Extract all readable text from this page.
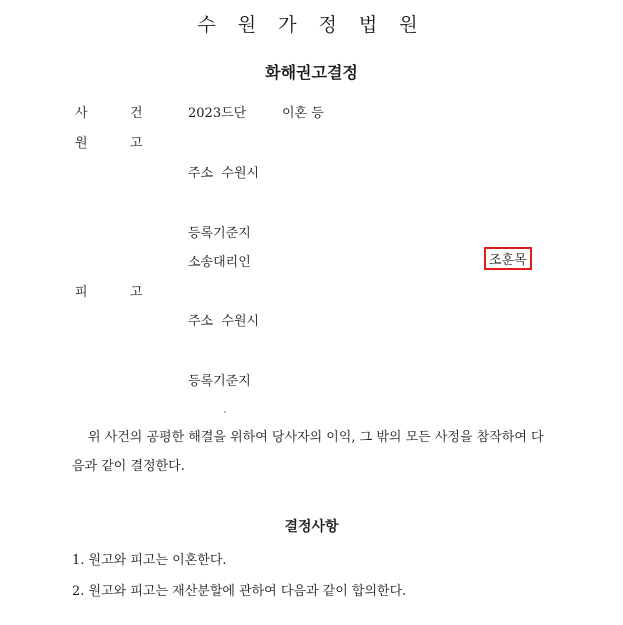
수 원 가 정 법 원
화해권고결정
사	건	2023드단	이혼 등
원	고
주소  수원시
등록기준지
소송대리인	조훈목
피	고
주소  수원시
등록기준지
위 사건의 공평한 해결을 위하여 당사자의 이익, 그 밖의 모든 사정을 참작하여 다
음과 같이 결정한다.
결정사항
1. 원고와 피고는 이혼한다.
2. 원고와 피고는 재산분할에 관하여 다음과 같이 합의한다.
